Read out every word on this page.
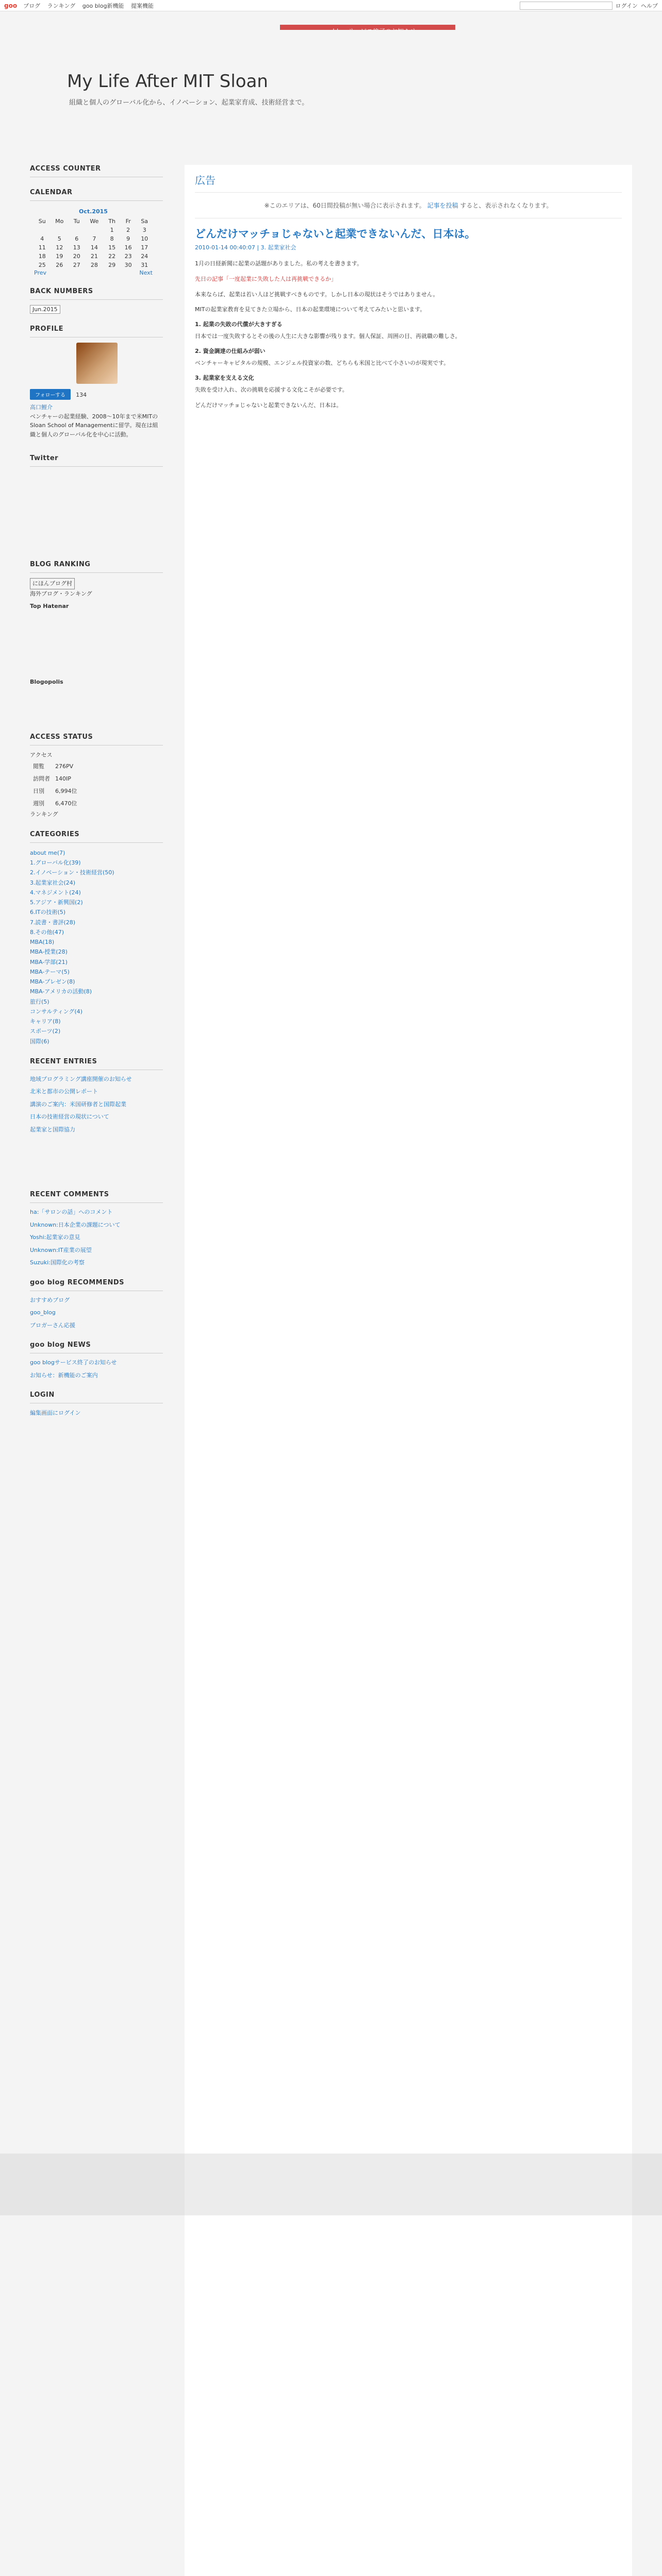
goo ブログ ランキング goo blog新機能 提案機能	ログイン ヘルプ
My Life After MIT Sloan
組織と個人のグローバル化から、イノベーション、起業家育成、技術経営まで。
ACCESS COUNTER
CALENDAR
Oct.2015
Su	Mo	Tu	We	Th	Fr	Sa
				1	2	3
4	5	6	7	8	9	10
11	12	13	14	15	16	17
18	19	20	21	22	23	24
25	26	27	28	29	30	31
Prev	Next
BACK NUMBERS
Jun.2015
PROFILE
フォローする 134
高口鯉介
ベンチャーの起業経験、2008〜10年まで米MITのSloan School of Managementに留学。現在は組織と個人のグローバル化を中心に活動。
Twitter
BLOG RANKING
にほんブログ村
海外ブログ・ランキング
Top Hatenar
Blogopolis
ACCESS STATUS
アクセス
閲覧	276PV
訪問者	140IP
日別	6,994位
週別	6,470位
ランキング
CATEGORIES
about me(7)
1.グローバル化(39)
2.イノベーション・技術経営(50)
3.起業家社会(24)
4.マネジメント(24)
5.アジア・新興国(2)
6.ITの技術(5)
7.読書・書評(28)
8.その他(47)
MBA(18)
MBA-授業(28)
MBA-学部(21)
MBA-テーマ(5)
MBA-プレゼン(8)
MBA-アメリカの活動(8)
旅行(5)
コンサルティング(4)
キャリア(8)
スポーツ(2)
国際(6)
RECENT ENTRIES
地域プログラミング講座開催のお知らせ
北米と都市の公開レポート
講演のご案内：米国研修者と国際起業
日本の技術経営の現状について
起業家と国際協力
RECENT COMMENTS
ha:「サロンの話」へのコメント
Unknown:日本企業の課題について
Yoshi:起業家の意見
Unknown:IT産業の展望
Suzuki:国際化の考察
goo blog RECOMMENDS
おすすめブログ
goo_blog
ブロガーさん応援
goo blog NEWS
goo blogサービス終了のお知らせ
お知らせ：新機能のご案内
LOGIN
編集画面にログイン
広告
※このエリアは、60日間投稿が無い場合に表示されます。 記事を投稿 すると、表示されなくなります。
どんだけマッチョじゃないと起業できないんだ、日本は。
2010-01-14 00:40:07 | 3. 起業家社会

1月の日経新聞に起業の話題がありました。私の考えを書きます。

先日の記事「一度起業に失敗した人は再挑戦できるか」

本来ならば、起業は若い人ほど挑戦すべきものです。しかし日本の現状はそうではありません。

MITの起業家教育を見てきた立場から、日本の起業環境について考えてみたいと思います。

1. 起業の失敗の代償が大きすぎる

日本では一度失敗するとその後の人生に大きな影響が残ります。個人保証、周囲の目、再就職の難しさ。

2. 資金調達の仕組みが弱い

ベンチャーキャピタルの規模、エンジェル投資家の数、どちらも米国と比べて小さいのが現実です。

3. 起業家を支える文化

失敗を受け入れ、次の挑戦を応援する文化こそが必要です。

どんだけマッチョじゃないと起業できないんだ、日本は。
